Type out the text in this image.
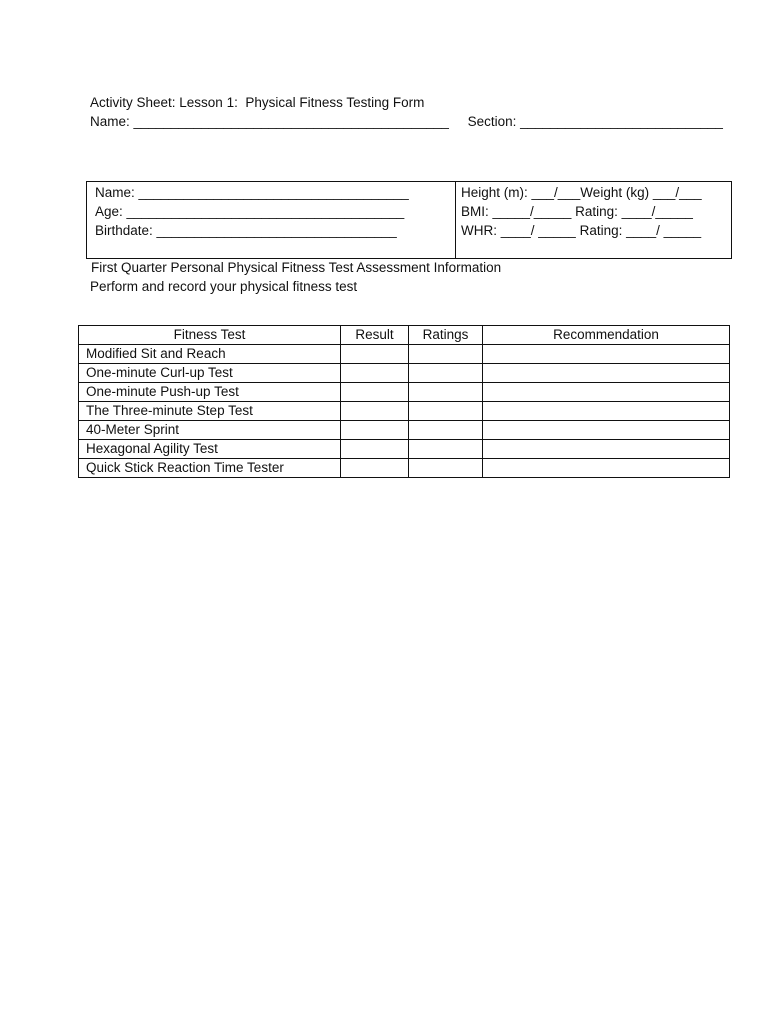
Activity Sheet: Lesson 1:  Physical Fitness Testing Form
Name: __________________________________________     Section: ___________________________
Name: ____________________________________
Age: _____________________________________
Birthdate: ________________________________
Height (m): ___/___Weight (kg) ___/___
BMI: _____/_____ Rating: ____/_____
WHR: ____/ _____ Rating: ____/ _____
First Quarter Personal Physical Fitness Test Assessment Information
Perform and record your physical fitness test
Fitness Test	Result	Ratings	Recommendation
Modified Sit and Reach			
One-minute Curl-up Test			
One-minute Push-up Test			
The Three-minute Step Test			
40-Meter Sprint			
Hexagonal Agility Test			
Quick Stick Reaction Time Tester			
